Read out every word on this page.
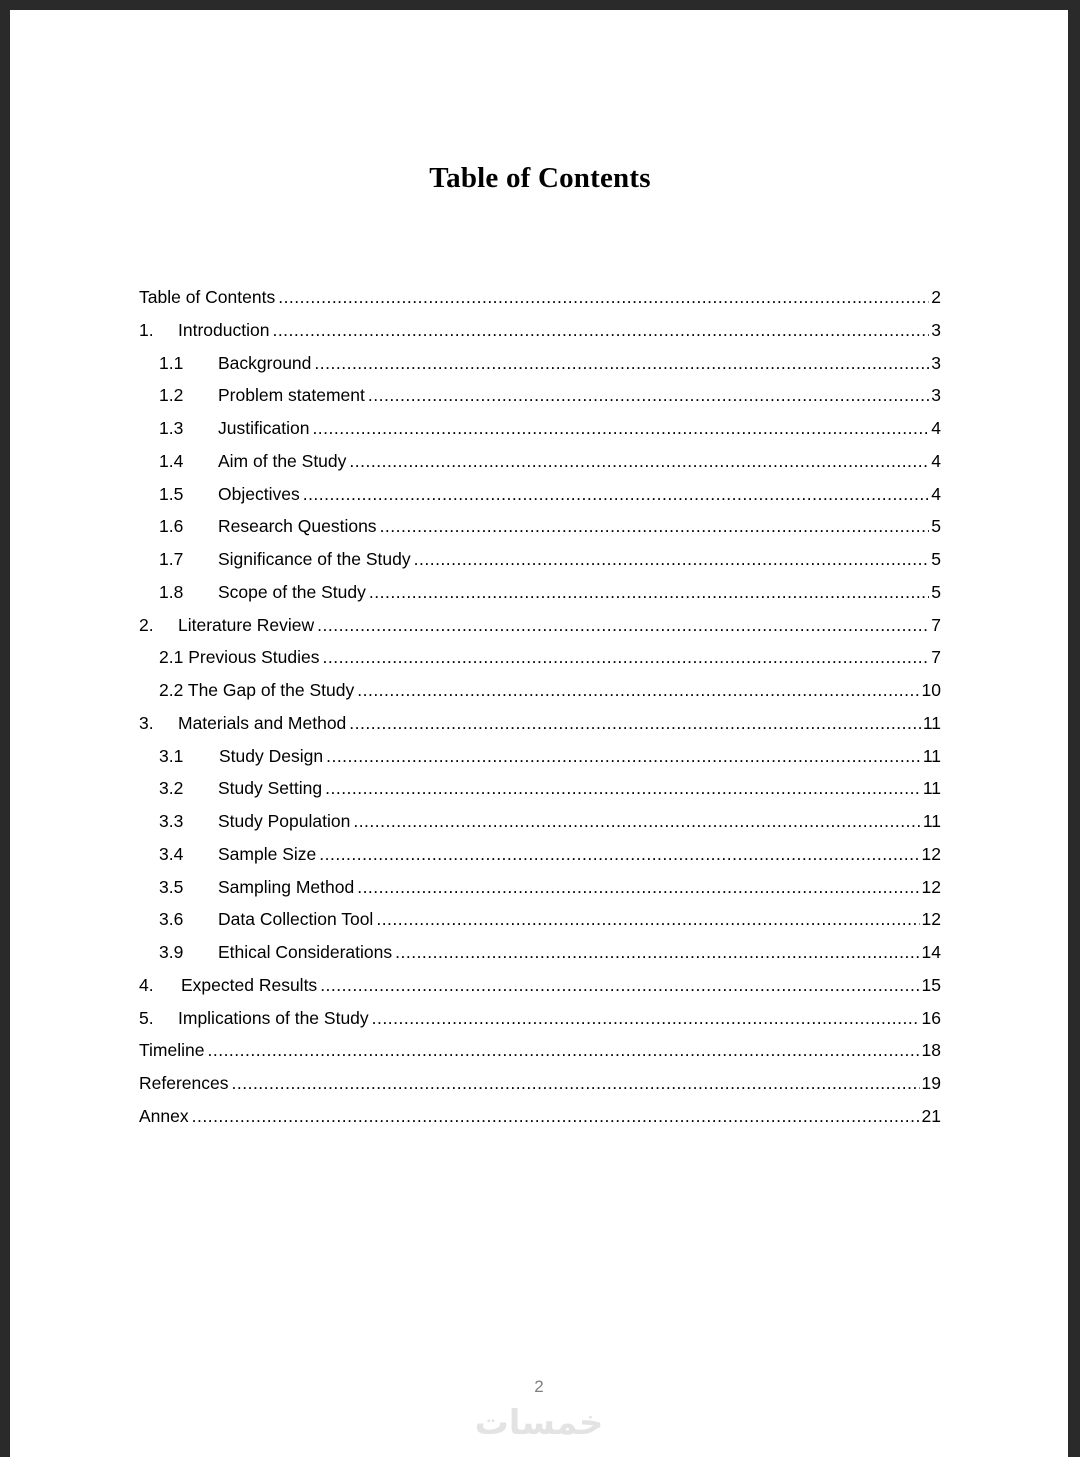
Table of Contents
Table of Contents .....	2
1.	Introduction .....	3
1.1	Background .....	3
1.2	Problem statement .....	3
1.3	Justification .....	4
1.4	Aim of the Study .....	4
1.5	Objectives .....	4
1.6	Research Questions .....	5
1.7	Significance of the Study .....	5
1.8	Scope of the Study .....	5
2.	Literature Review .....	7
2.1 Previous Studies .....	7
2.2 The Gap of the Study .....	10
3.	Materials and Method .....	11
3.1	Study Design .....	11
3.2	Study Setting .....	11
3.3	Study Population .....	11
3.4	Sample Size .....	12
3.5	Sampling Method .....	12
3.6	Data Collection Tool .....	12
3.9	Ethical Considerations .....	14
4.	Expected Results .....	15
5.	Implications of the Study .....	16
Timeline .....	18
References .....	19
Annex .....	21
2
خمسات
